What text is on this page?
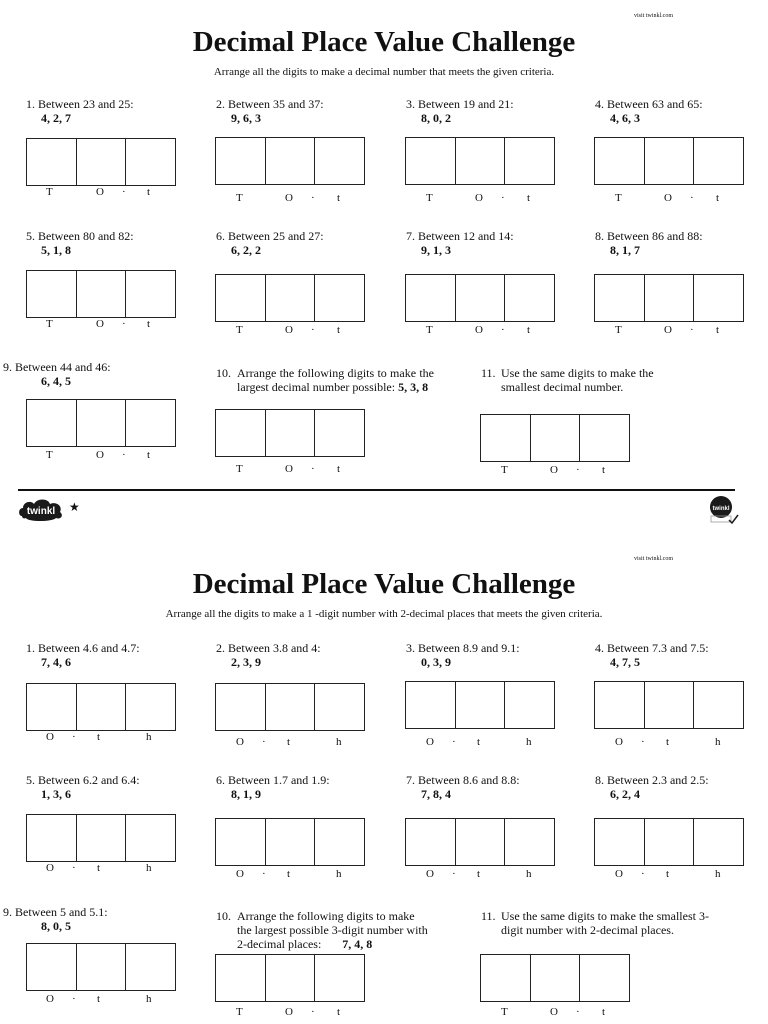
visit twinkl.com
Decimal Place Value Challenge
Arrange all the digits to make a decimal number that meets the given criteria.
1. Between 23 and 25:
4, 2, 7
T	O · t
2. Between 35 and 37:
9, 6, 3
T	O · t
3. Between 19 and 21:
8, 0, 2
T	O · t
4. Between 63 and 65:
4, 6, 3
T	O · t
5. Between 80 and 82:
5, 1, 8
T	O · t
6. Between 25 and 27:
6, 2, 2
T	O · t
7. Between 12 and 14:
9, 1, 3
T	O · t
8. Between 86 and 88:
8, 1, 7
T	O · t
9. Between 44 and 46:
6, 4, 5
T	O · t
10. Arrange the following digits to make the largest decimal number possible: 5, 3, 8
T	O · t
11. Use the same digits to make the smallest decimal number.
T	O · t
twinkl ★	twinkl
visit twinkl.com
Decimal Place Value Challenge
Arrange all the digits to make a 1 -digit number with 2-decimal places that meets the given criteria.
1. Between 4.6 and 4.7:
7, 4, 6
O · t	h
2. Between 3.8 and 4:
2, 3, 9
O · t	h
3. Between 8.9 and 9.1:
0, 3, 9
O · t	h
4. Between 7.3 and 7.5:
4, 7, 5
O · t	h
5. Between 6.2 and 6.4:
1, 3, 6
O · t	h
6. Between 1.7 and 1.9:
8, 1, 9
O · t	h
7. Between 8.6 and 8.8:
7, 8, 4
O · t	h
8. Between 2.3 and 2.5:
6, 2, 4
O · t	h
9. Between 5 and 5.1:
8, 0, 5
O · t	h
10. Arrange the following digits to make the largest possible 3-digit number with 2-decimal places: 7, 4, 8
T	O · t
11. Use the same digits to make the smallest 3-digit number with 2-decimal places.
T	O · t
